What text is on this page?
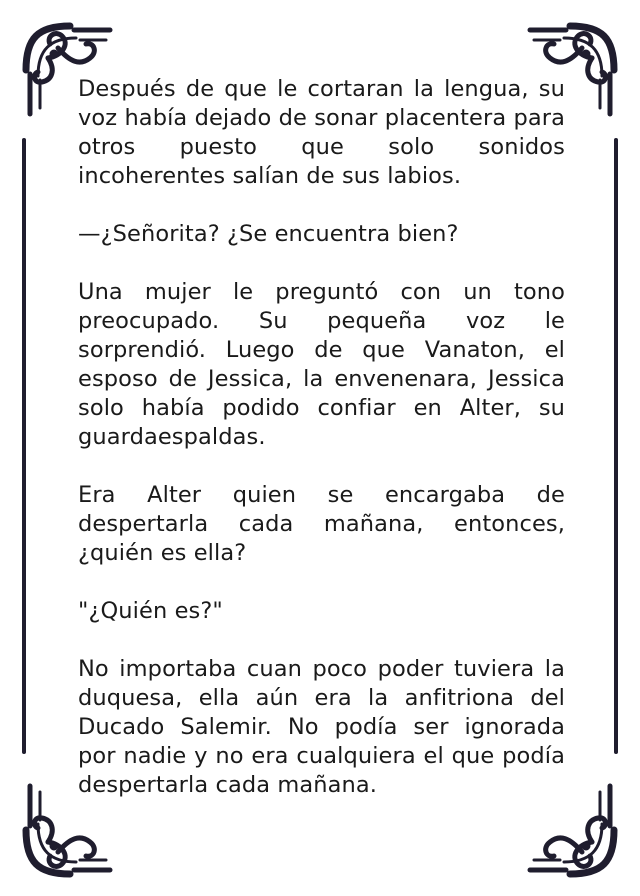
Después de que le cortaran la lengua, su voz había dejado de sonar placentera para otros puesto que solo sonidos incoherentes salían de sus labios.

—¿Señorita? ¿Se encuentra bien?

Una mujer le preguntó con un tono preocupado. Su pequeña voz le sorprendió. Luego de que Vanaton, el esposo de Jessica, la envenenara, Jessica solo había podido confiar en Alter, su guardaespaldas.

Era Alter quien se encargaba de despertarla cada mañana, entonces, ¿quién es ella?

"¿Quién es?"

No importaba cuan poco poder tuviera la duquesa, ella aún era la anfitriona del Ducado Salemir. No podía ser ignorada por nadie y no era cualquiera el que podía despertarla cada mañana.
